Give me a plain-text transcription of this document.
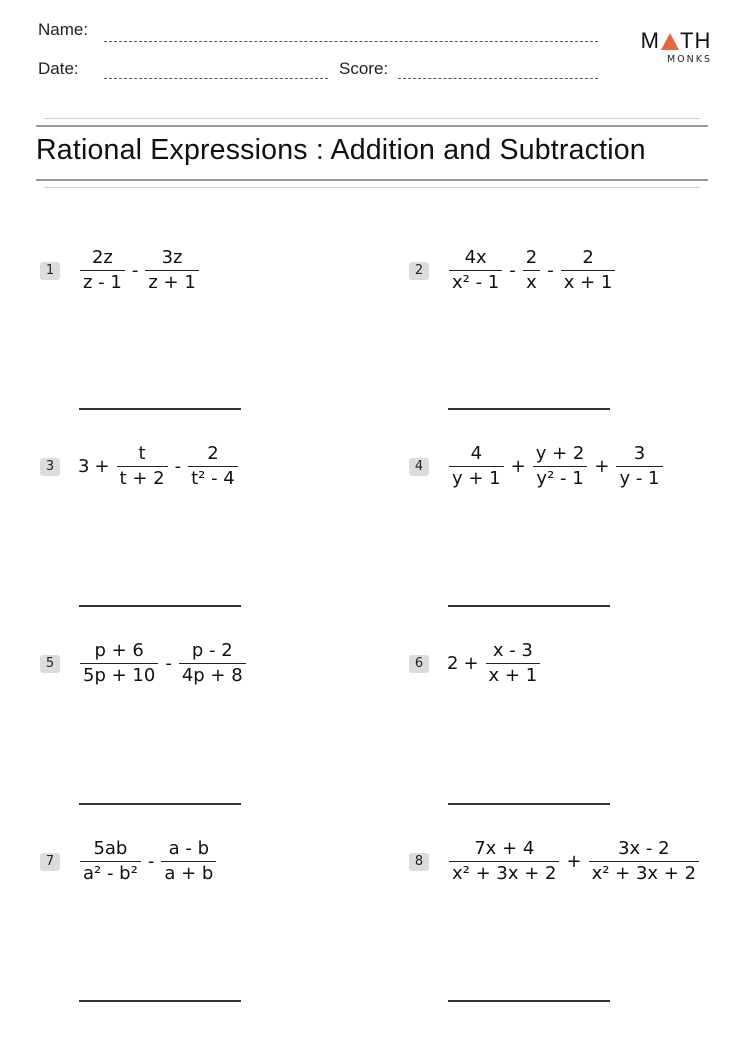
Name:
Date:	Score:
M TH
MONKS
Rational Expressions : Addition and Subtraction
1	$\frac{2z}{z - 1} - \frac{3z}{z + 1}$	2	$\frac{4x}{\text{x² - 1}} - \frac{2}{x} - \frac{2}{x + 1}$
3	$3 + \frac{t}{t + 2} - \frac{2}{\text{t² - 4}}$	4	$\frac{4}{y + 1} + \frac{y + 2}{\text{y² - 1}} + \frac{3}{y - 1}$
5	$\frac{p + 6}{5p + 10} - \frac{p - 2}{4p + 8}$	6	$2 + \frac{x - 3}{x + 1}$
7	$\frac{5ab}{\text{a² - b²}} - \frac{a - b}{a + b}$	8	$\frac{7x + 4}{\text{x² + 3x + 2}} + \frac{3x - 2}{\text{x² + 3x + 2}}$
